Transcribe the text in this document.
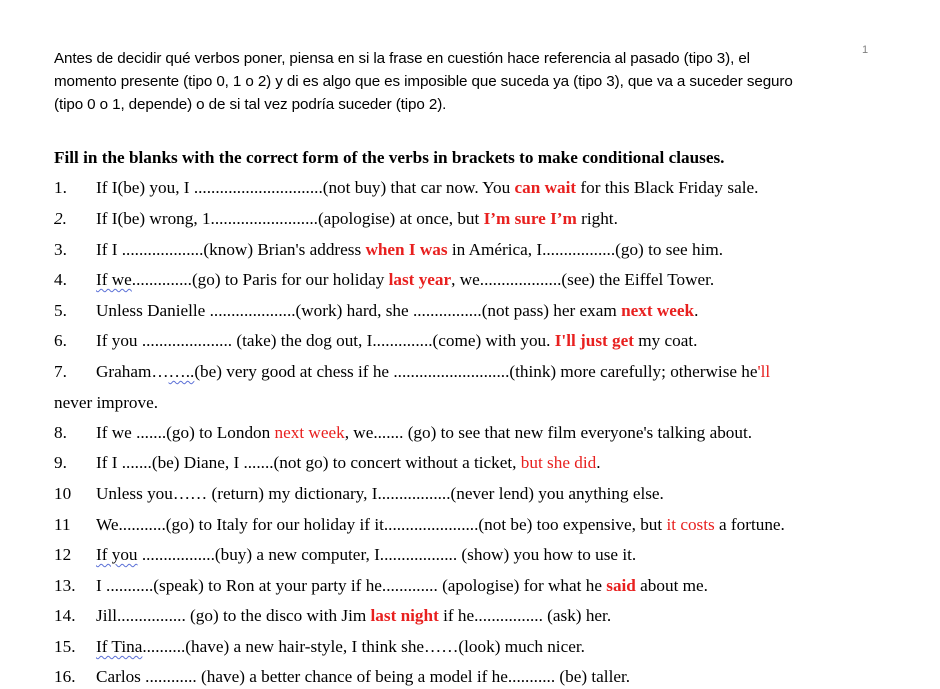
Antes de decidir qué verbos poner, piensa en si la frase en cuestión hace referencia al pasado (tipo 3), el
momento presente (tipo 0, 1 o 2) y di es algo que es imposible que suceda ya (tipo 3), que va a suceder seguro
(tipo 0 o 1, depende) o de si tal vez podría suceder (tipo 2).
1
Fill in the blanks with the correct form of the verbs in brackets to make conditional clauses.
1. If I(be) you, I ..............................(not buy) that car now. You can wait for this Black Friday sale.
2. If I(be) wrong, 1.........................(apologise) at once, but I’m sure I’m right.
3. If I ...................(know) Brian's address when I was in América, I.................(go) to see him.
4. If we..............(go) to Paris for our holiday last year, we...................(see) the Eiffel Tower.
5. Unless Danielle ....................(work) hard, she ................(not pass) her exam next week.
6. If you ..................... (take) the dog out, I..............(come) with you. I'll just get my coat.
7. Graham……..(be) very good at chess if he ...........................(think) more carefully; otherwise he'll
never improve.
8. If we .......(go) to London next week, we....... (go) to see that new film everyone's talking about.
9. If I .......(be) Diane, I .......(not go) to concert without a ticket, but she did.
10 Unless you…… (return) my dictionary, I.................(never lend) you anything else.
11 We...........(go) to Italy for our holiday if it......................(not be) too expensive, but it costs a fortune.
12 If you .................(buy) a new computer, I.................. (show) you how to use it.
13. I ...........(speak) to Ron at your party if he............. (apologise) for what he said about me.
14. Jill................ (go) to the disco with Jim last night if he................ (ask) her.
15. If Tina..........(have) a new hair-style, I think she……(look) much nicer.
16. Carlos ............ (have) a better chance of being a model if he........... (be) taller.
